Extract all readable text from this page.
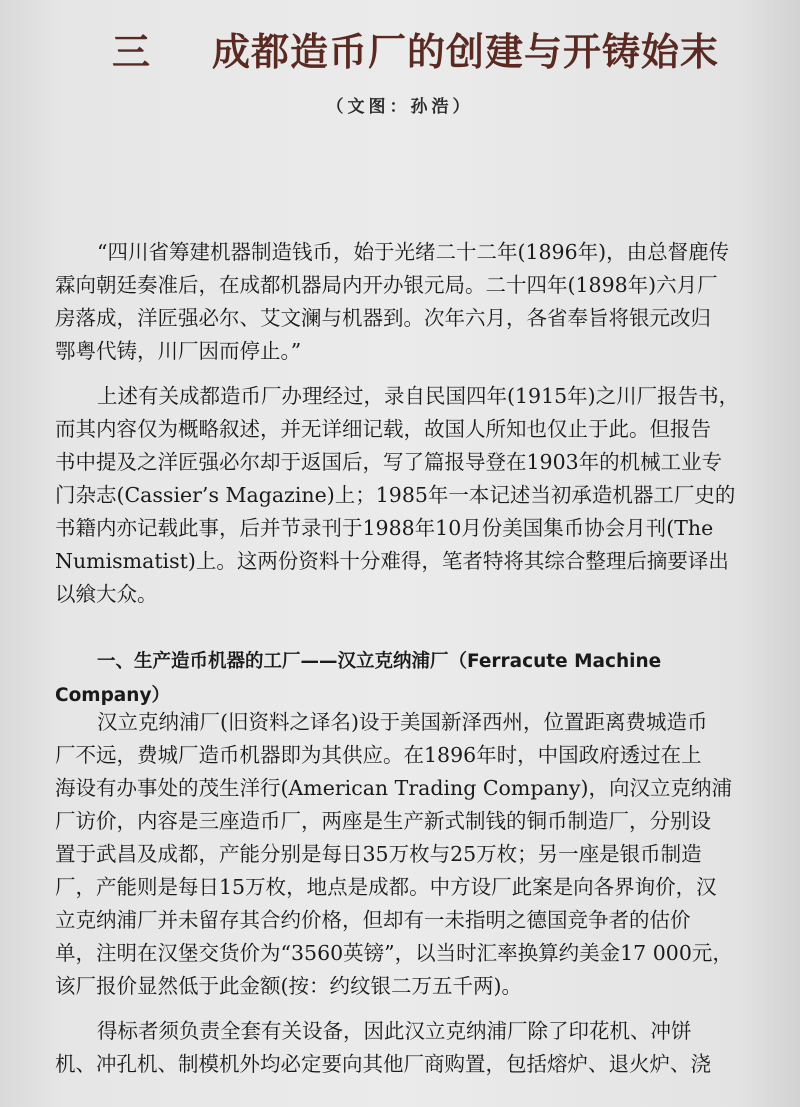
三 成都造币厂的创建与开铸始末
（文图：孙浩）
“四川省筹建机器制造钱币，始于光绪二十二年(1896年)，由总督鹿传
霖向朝廷奏准后，在成都机器局内开办银元局。二十四年(1898年)六月厂
房落成，洋匠强必尔、艾文澜与机器到。次年六月，各省奉旨将银元改归
鄂粤代铸，川厂因而停止。”
上述有关成都造币厂办理经过，录自民国四年(1915年)之川厂报告书，
而其内容仅为概略叙述，并无详细记载，故国人所知也仅止于此。但报告
书中提及之洋匠强必尔却于返国后，写了篇报导登在1903年的机械工业专
门杂志(Cassier’s Magazine)上；1985年一本记述当初承造机器工厂史的
书籍内亦记载此事，后并节录刊于1988年10月份美国集币协会月刊(The
Numismatist)上。这两份资料十分难得，笔者特将其综合整理后摘要译出
以飨大众。
一、生产造币机器的工厂——汉立克纳浦厂（Ferracute Machine
Company）
汉立克纳浦厂(旧资料之译名)设于美国新泽西州，位置距离费城造币
厂不远，费城厂造币机器即为其供应。在1896年时，中国政府透过在上
海设有办事处的茂生洋行(American Trading Company)，向汉立克纳浦
厂访价，内容是三座造币厂，两座是生产新式制钱的铜币制造厂，分别设
置于武昌及成都，产能分别是每日35万枚与25万枚；另一座是银币制造
厂，产能则是每日15万枚，地点是成都。中方设厂此案是向各界询价，汉
立克纳浦厂并未留存其合约价格，但却有一未指明之德国竞争者的估价
单，注明在汉堡交货价为“3560英镑”，以当时汇率换算约美金17 000元，
该厂报价显然低于此金额(按：约纹银二万五千两)。
得标者须负责全套有关设备，因此汉立克纳浦厂除了印花机、冲饼
机、冲孔机、制模机外均必定要向其他厂商购置，包括熔炉、退火炉、浇
